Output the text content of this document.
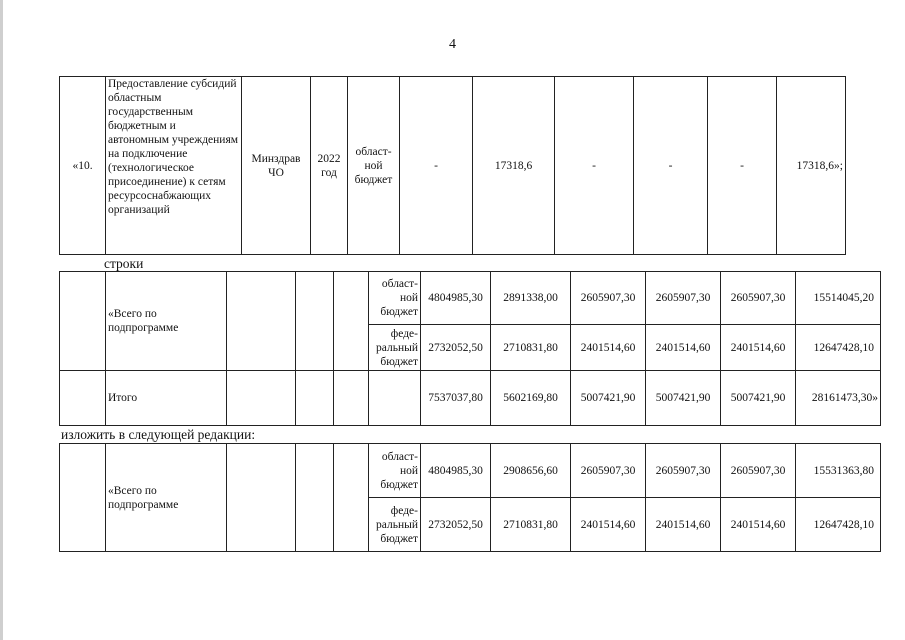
4
«10.	Предоставление субсидий областным государственным бюджетным и автономным учреждениям на подключение (технологическое присоединение) к сетям ресурсоснабжающих организаций	Минздрав ЧО	2022 год	област-ной бюджет	-	17318,6	-	-	-	17318,6»;
строки
	«Всего по подпрограмме				област-ной бюджет	4804985,30	2891338,00	2605907,30	2605907,30	2605907,30	15514045,20
					феде-ральный бюджет	2732052,50	2710831,80	2401514,60	2401514,60	2401514,60	12647428,10
	Итого					7537037,80	5602169,80	5007421,90	5007421,90	5007421,90	28161473,30»
изложить в следующей редакции:
	«Всего по подпрограмме				област-ной бюджет	4804985,30	2908656,60	2605907,30	2605907,30	2605907,30	15531363,80
					феде-ральный бюджет	2732052,50	2710831,80	2401514,60	2401514,60	2401514,60	12647428,10
